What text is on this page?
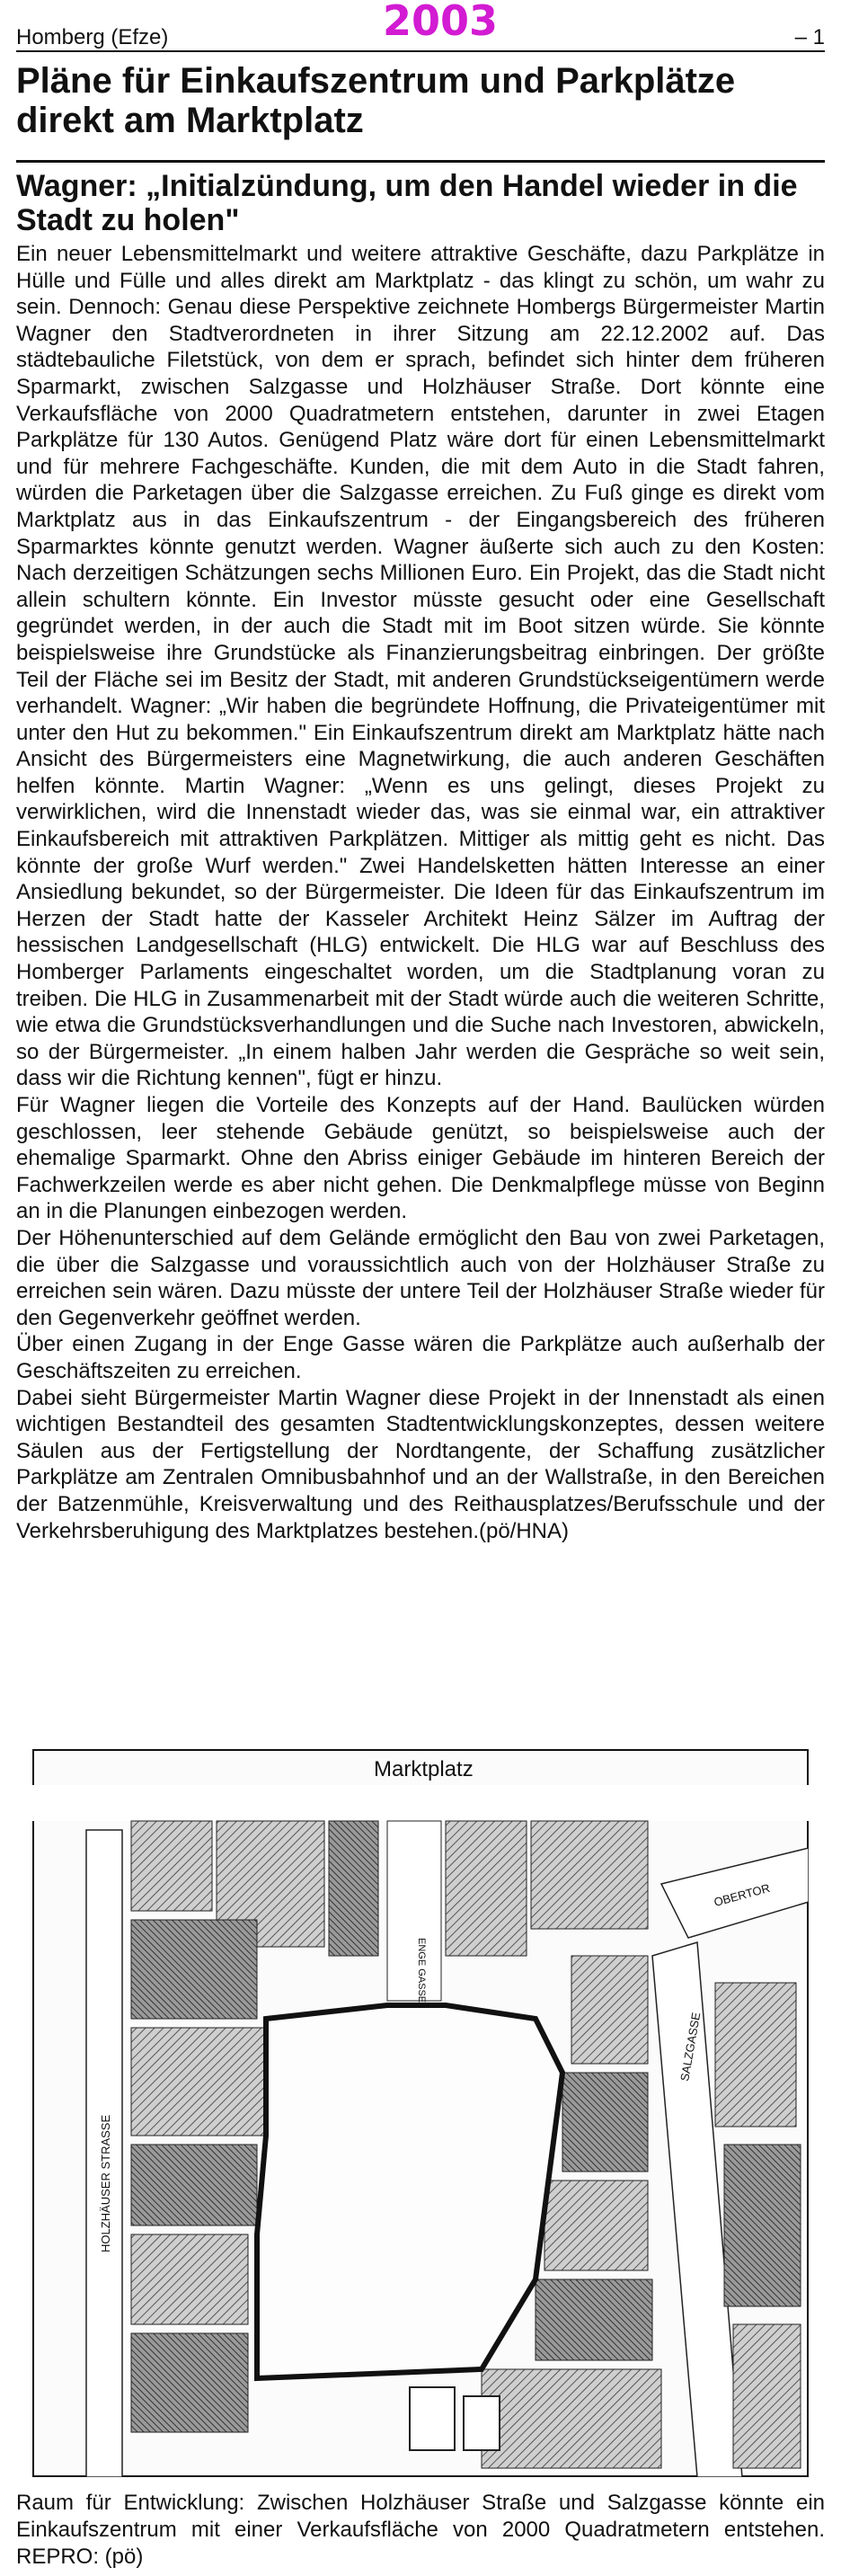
Homberg (Efze)	2003	– 1
Pläne für Einkaufszentrum und Parkplätze direkt am Marktplatz
Wagner: „Initialzündung, um den Handel wieder in die Stadt zu holen"

Ein neuer Lebensmittelmarkt und weitere attraktive Geschäfte, dazu Parkplätze in Hülle und Fülle und alles direkt am Marktplatz - das klingt zu schön, um wahr zu sein. Dennoch: Genau diese Perspektive zeichnete Hombergs Bürgermeister Martin Wagner den Stadtverordneten in ihrer Sitzung am 22.12.2002 auf. Das städtebauliche Filetstück, von dem er sprach, befindet sich hinter dem früheren Sparmarkt, zwischen Salzgasse und Holzhäuser Straße. Dort könnte eine Verkaufsfläche von 2000 Quadratmetern entstehen, darunter in zwei Etagen Parkplätze für 130 Autos. Genügend Platz wäre dort für einen Lebensmittelmarkt und für mehrere Fachgeschäfte. Kunden, die mit dem Auto in die Stadt fahren, würden die Parketagen über die Salzgasse erreichen. Zu Fuß ginge es direkt vom Marktplatz aus in das Einkaufszentrum - der Eingangsbereich des früheren Sparmarktes könnte genutzt werden. Wagner äußerte sich auch zu den Kosten: Nach derzeitigen Schätzungen sechs Millionen Euro. Ein Projekt, das die Stadt nicht allein schultern könnte. Ein Investor müsste gesucht oder eine Gesellschaft gegründet werden, in der auch die Stadt mit im Boot sitzen würde. Sie könnte beispielsweise ihre Grundstücke als Finanzierungsbeitrag einbringen. Der größte Teil der Fläche sei im Besitz der Stadt, mit anderen Grundstückseigentümern werde verhandelt. Wagner: „Wir haben die begründete Hoffnung, die Privateigentümer mit unter den Hut zu bekommen." Ein Einkaufszentrum direkt am Marktplatz hätte nach Ansicht des Bürgermeisters eine Magnetwirkung, die auch anderen Geschäften helfen könnte. Martin Wagner: „Wenn es uns gelingt, dieses Projekt zu verwirklichen, wird die Innenstadt wieder das, was sie einmal war, ein attraktiver Einkaufsbereich mit attraktiven Parkplätzen. Mittiger als mittig geht es nicht. Das könnte der große Wurf werden." Zwei Handelsketten hätten Interesse an einer Ansiedlung bekundet, so der Bürgermeister. Die Ideen für das Einkaufszentrum im Herzen der Stadt hatte der Kasseler Architekt Heinz Sälzer im Auftrag der hessischen Landgesellschaft (HLG) entwickelt. Die HLG war auf Beschluss des Homberger Parlaments eingeschaltet worden, um die Stadtplanung voran zu treiben. Die HLG in Zusammenarbeit mit der Stadt würde auch die weiteren Schritte, wie etwa die Grundstücksverhandlungen und die Suche nach Investoren, abwickeln, so der Bürgermeister. „In einem halben Jahr werden die Gespräche so weit sein, dass wir die Richtung kennen", fügt er hinzu.

Für Wagner liegen die Vorteile des Konzepts auf der Hand. Baulücken würden geschlossen, leer stehende Gebäude genützt, so beispielsweise auch der ehemalige Sparmarkt. Ohne den Abriss einiger Gebäude im hinteren Bereich der Fachwerkzeilen werde es aber nicht gehen. Die Denkmalpflege müsse von Beginn an in die Planungen einbezogen werden.

Der Höhenunterschied auf dem Gelände ermöglicht den Bau von zwei Parketagen, die über die Salzgasse und voraussichtlich auch von der Holzhäuser Straße zu erreichen sein wären. Dazu müsste der untere Teil der Holzhäuser Straße wieder für den Gegenverkehr geöffnet werden.

Über einen Zugang in der Enge Gasse wären die Parkplätze auch außerhalb der Geschäftszeiten zu erreichen.

Dabei sieht Bürgermeister Martin Wagner diese Projekt in der Innenstadt als einen wichtigen Bestandteil des gesamten Stadtentwicklungskonzeptes, dessen weitere Säulen aus der Fertigstellung der Nordtangente, der Schaffung zusätzlicher Parkplätze am Zentralen Omnibusbahnhof und an der Wallstraße, in den Bereichen der Batzenmühle, Kreisverwaltung und des Reithausplatzes/Berufsschule und der Verkehrsberuhigung des Marktplatzes bestehen.(pö/HNA)

Marktplatz
HOLZHÄUSER STRASSE
SALZGASSE
OBERTOR
ENGE GASSE
Raum für Entwicklung: Zwischen Holzhäuser Straße und Salzgasse könnte ein Einkaufszentrum mit einer Verkaufsfläche von 2000 Quadratmetern entstehen. REPRO: (pö)
